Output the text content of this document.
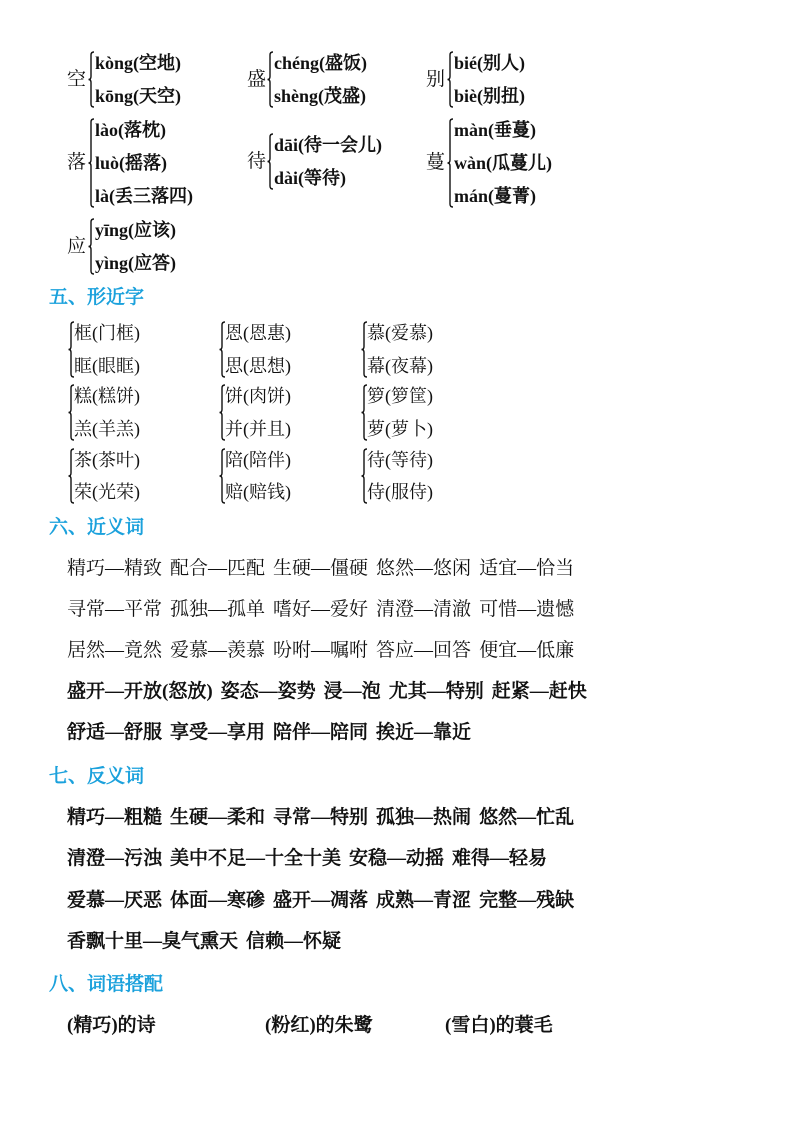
五、形近字
六、近义词
七、反义词
八、词语搭配
空
kòng(空地)
kōng(天空)
盛
chéng(盛饭)
shèng(茂盛)
别
bié(别人)
biè(别扭)
落
lào(落枕)
luò(摇落)
là(丢三落四)
待
dāi(待一会儿)
dài(等待)
蔓
màn(垂蔓)
wàn(瓜蔓儿)
mán(蔓菁)
应
yīng(应该)
yìng(应答)
框(门框)
眶(眼眶)
恩(恩惠)
思(思想)
慕(爱慕)
幕(夜幕)
糕(糕饼)
羔(羊羔)
饼(肉饼)
并(并且)
箩(箩筐)
萝(萝卜)
茶(茶叶)
荣(光荣)
陪(陪伴)
赔(赔钱)
待(等待)
侍(服侍)
精巧—精致 配合—匹配 生硬—僵硬 悠然—悠闲 适宜—恰当
寻常—平常 孤独—孤单 嗜好—爱好 清澄—清澈 可惜—遗憾
居然—竟然 爱慕—羡慕 吩咐—嘱咐 答应—回答 便宜—低廉
盛开—开放(怒放) 姿态—姿势 浸—泡 尤其—特别 赶紧—赶快
舒适—舒服 享受—享用 陪伴—陪同 挨近—靠近
精巧—粗糙 生硬—柔和 寻常—特别 孤独—热闹 悠然—忙乱
清澄—污浊 美中不足—十全十美 安稳—动摇 难得—轻易
爱慕—厌恶 体面—寒碜 盛开—凋落 成熟—青涩 完整—残缺
香飘十里—臭气熏天 信赖—怀疑
(精巧)的诗	(粉红)的朱鹭	(雪白)的蓑毛
